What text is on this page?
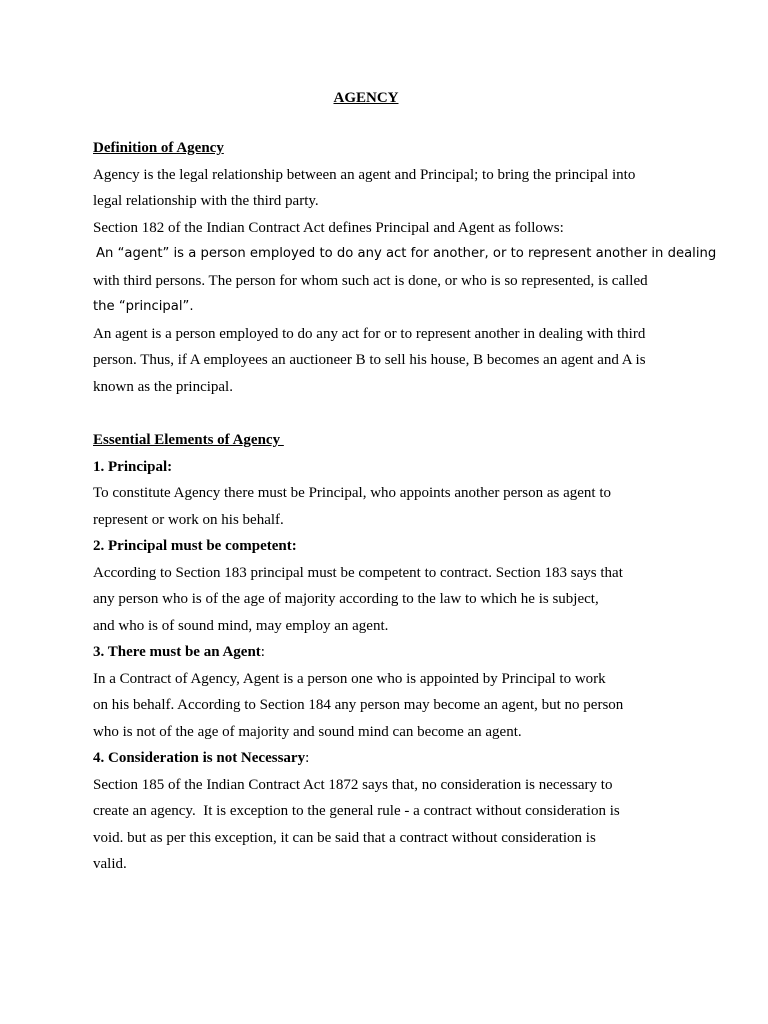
AGENCY
Definition of Agency
Agency is the legal relationship between an agent and Principal; to bring the principal into
legal relationship with the third party.
Section 182 of the Indian Contract Act defines Principal and Agent as follows:
An “agent” is a person employed to do any act for another, or to represent another in dealing
with third persons. The person for whom such act is done, or who is so represented, is called
the “principal”.
An agent is a person employed to do any act for or to represent another in dealing with third
person. Thus, if A employees an auctioneer B to sell his house, B becomes an agent and A is
known as the principal.
Essential Elements of Agency
1. Principal:
To constitute Agency there must be Principal, who appoints another person as agent to
represent or work on his behalf.
2. Principal must be competent:
According to Section 183 principal must be competent to contract. Section 183 says that
any person who is of the age of majority according to the law to which he is subject,
and who is of sound mind, may employ an agent.
3. There must be an Agent:
In a Contract of Agency, Agent is a person one who is appointed by Principal to work
on his behalf. According to Section 184 any person may become an agent, but no person
who is not of the age of majority and sound mind can become an agent.
4. Consideration is not Necessary:
Section 185 of the Indian Contract Act 1872 says that, no consideration is necessary to
create an agency.  It is exception to the general rule - a contract without consideration is
void. but as per this exception, it can be said that a contract without consideration is
valid.
